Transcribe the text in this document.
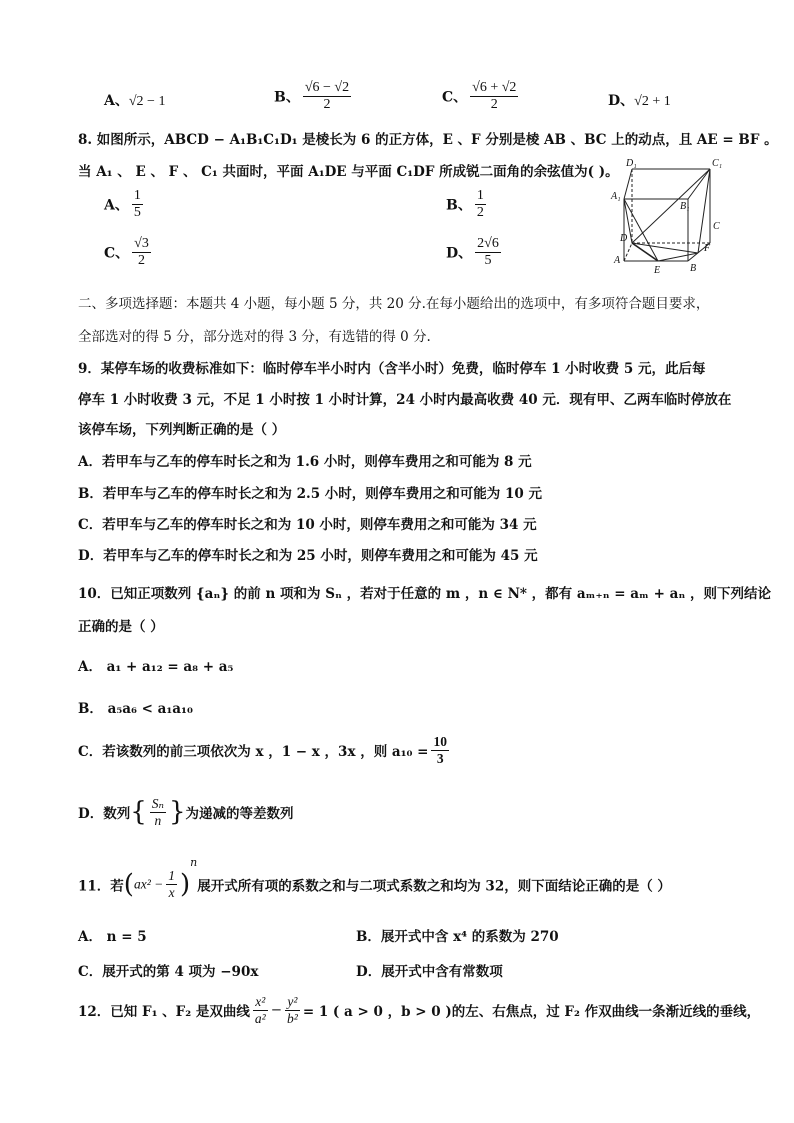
A、√2 − 1	B、 $\frac{√6 - √2}{2}$	C、 $\frac{√6 + √2}{2}$	D、√2 + 1
8. 如图所示，ABCD − A₁B₁C₁D₁ 是棱长为 6 的正方体，E 、F 分别是棱 AB 、BC 上的动点，且 AE = BF 。
当 A₁ 、 E 、 F 、 C₁ 共面时，平面 A₁DE 与平面 C₁DF 所成锐二面角的余弦值为( )。
A、 $\frac{1}{5}$	B、 $\frac{1}{2}$
C、 $\frac{√3}{2}$	D、 $\frac{2√6}{5}$
D₁	C₁
A₁
B₁
D
C
F
A
E	B
二、多项选择题：本题共 4 小题，每小题 5 分，共 20 分.在每小题给出的选项中，有多项符合题目要求，
全部选对的得 5 分，部分选对的得 3 分，有选错的得 0 分.
9．某停车场的收费标准如下：临时停车半小时内（含半小时）免费，临时停车 1 小时收费 5 元，此后每
停车 1 小时收费 3 元，不足 1 小时按 1 小时计算，24 小时内最高收费 40 元．现有甲、乙两车临时停放在
该停车场，下列判断正确的是（ ）
A．若甲车与乙车的停车时长之和为 1.6 小时，则停车费用之和可能为 8 元
B．若甲车与乙车的停车时长之和为 2.5 小时，则停车费用之和可能为 10 元
C．若甲车与乙车的停车时长之和为 10 小时，则停车费用之和可能为 34 元
D．若甲车与乙车的停车时长之和为 25 小时，则停车费用之和可能为 45 元
10．已知正项数列 {aₙ} 的前 n 项和为 Sₙ ，若对于任意的 m ，n ∈ N* ，都有 aₘ₊ₙ = aₘ + aₙ ，则下列结论
正确的是（ ）
A． a₁ + a₁₂ = a₈ + a₅
B． a₅a₆ < a₁a₁₀
C．若该数列的前三项依次为 x ，1 − x ，3x ，则 $a_{10} = \frac{10}{3}$
D．数列{ $\frac{\text{Sₙ}}{n}$ }为递减的等差数列
11．若$(ax^2 - \frac{1}{x} )^n$展开式所有项的系数之和与二项式系数之和均为 32，则下面结论正确的是（ ）
A． n = 5	B．展开式中含 x⁴ 的系数为 270
C．展开式的第 4 项为 −90x	D．展开式中含有常数项
12．已知 F₁ 、F₂ 是双曲线 $\frac{\text{x²}}{\text{a²}} - \frac{\text{y²}}{\text{b²}} = 1$ ( a > 0 ，b > 0 )的左、右焦点，过 F₂ 作双曲线一条渐近线的垂线，
